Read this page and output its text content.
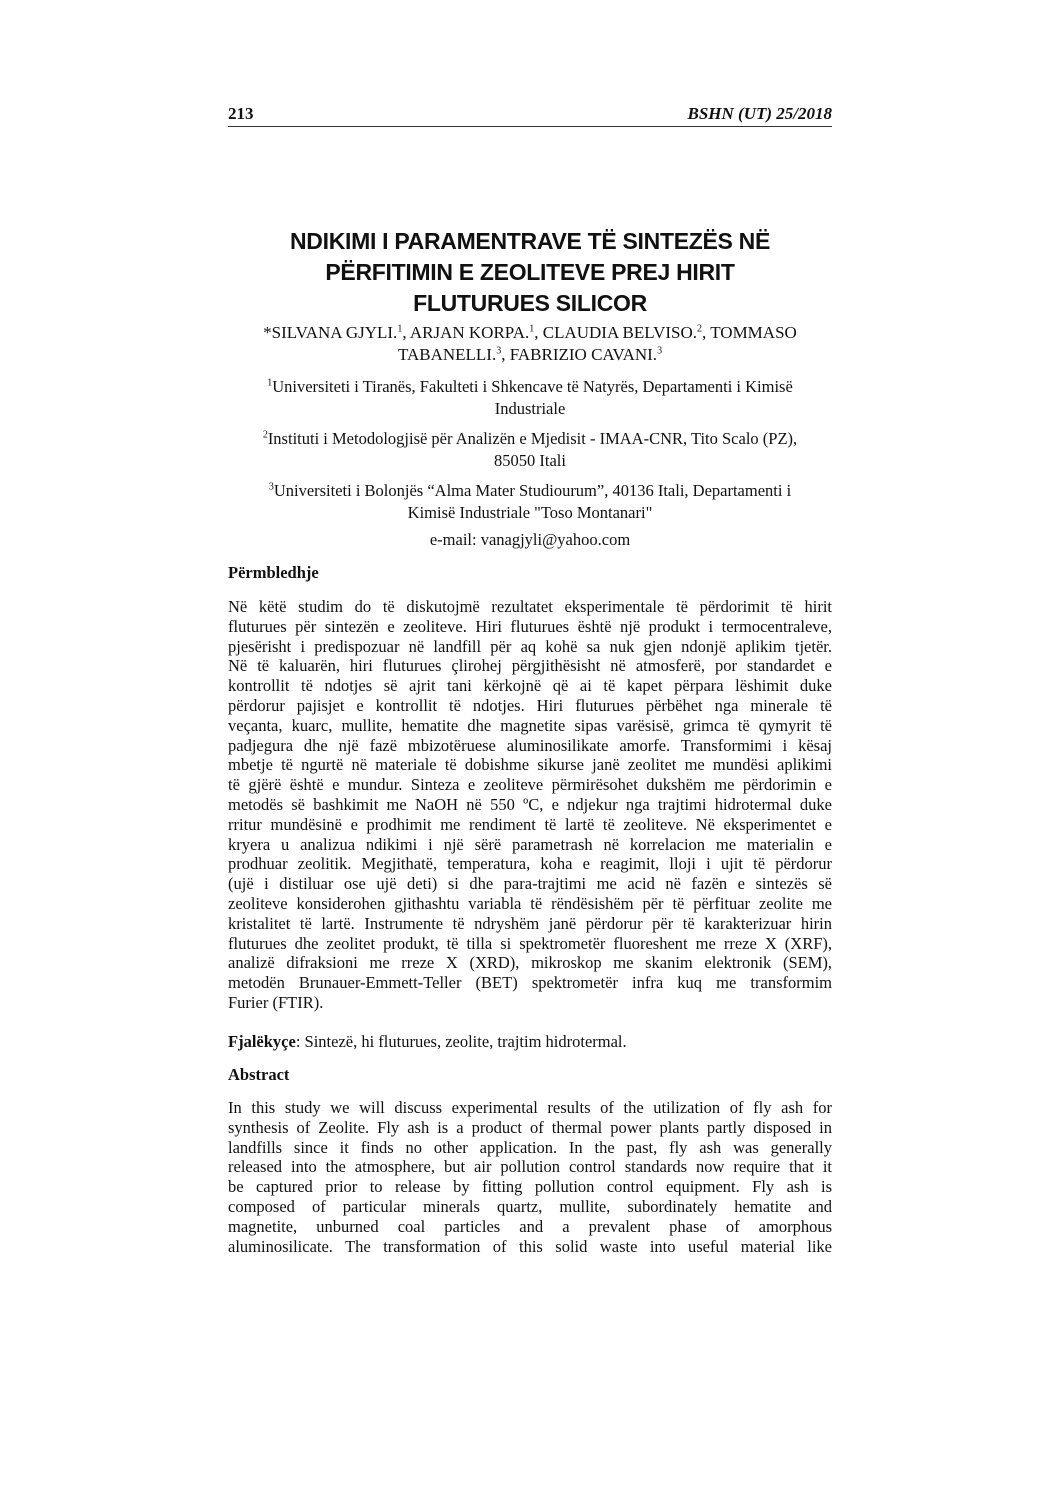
213	BSHN (UT) 25/2018
NDIKIMI I PARAMENTRAVE TË SINTEZËS NË
PËRFITIMIN E ZEOLITEVE PREJ HIRIT
FLUTURUES SILICOR
*SILVANA GJYLI.$^1$, ARJAN KORPA.$^1$, CLAUDIA BELVISO.$^2$, TOMMASO
TABANELLI.$^3$, FABRIZIO CAVANI.$^3$
$^1$Universiteti i Tiranës, Fakulteti i Shkencave të Natyrës, Departamenti i Kimisë
Industriale
$^2$Instituti i Metodologjisë për Analizën e Mjedisit - IMAA-CNR, Tito Scalo (PZ),
85050 Itali
$^3$Universiteti i Bolonjës “Alma Mater Studiourum”, 40136 Itali, Departamenti i
Kimisë Industriale "Toso Montanari"
e-mail: vanagjyli@yahoo.com
Përmbledhje
Në këtë studim do të diskutojmë rezultatet eksperimentale të përdorimit të hirit
fluturues për sintezën e zeoliteve. Hiri fluturues është një produkt i termocentraleve,
pjesërisht i predispozuar në landfill për aq kohë sa nuk gjen ndonjë aplikim tjetër.
Në të kaluarën, hiri fluturues çlirohej përgjithësisht në atmosferë, por standardet e
kontrollit të ndotjes së ajrit tani kërkojnë që ai të kapet përpara lëshimit duke
përdorur pajisjet e kontrollit të ndotjes. Hiri fluturues përbëhet nga minerale të
veçanta, kuarc, mullite, hematite dhe magnetite sipas varësisë, grimca të qymyrit të
padjegura dhe një fazë mbizotëruese aluminosilikate amorfe. Transformimi i kësaj
mbetje të ngurtë në materiale të dobishme sikurse janë zeolitet me mundësi aplikimi
të gjërë është e mundur. Sinteza e zeoliteve përmirësohet dukshëm me përdorimin e
metodës së bashkimit me NaOH në 550 ºC, e ndjekur nga trajtimi hidrotermal duke
rritur mundësinë e prodhimit me rendiment të lartë të zeoliteve. Në eksperimentet e
kryera u analizua ndikimi i një sërë parametrash në korrelacion me materialin e
prodhuar zeolitik. Megjithatë, temperatura, koha e reagimit, lloji i ujit të përdorur
(ujë i distiluar ose ujë deti) si dhe para-trajtimi me acid në fazën e sintezës së
zeoliteve konsiderohen gjithashtu variabla të rëndësishëm për të përfituar zeolite me
kristalitet të lartë. Instrumente të ndryshëm janë përdorur për të karakterizuar hirin
fluturues dhe zeolitet produkt, të tilla si spektrometër fluoreshent me rreze X (XRF),
analizë difraksioni me rreze X (XRD), mikroskop me skanim elektronik (SEM),
metodën Brunauer-Emmett-Teller (BET) spektrometër infra kuq me transformim
Furier (FTIR).
Fjalëkyçe: Sintezë, hi fluturues, zeolite, trajtim hidrotermal.
Abstract
In this study we will discuss experimental results of the utilization of fly ash for
synthesis of Zeolite. Fly ash is a product of thermal power plants partly disposed in
landfills since it finds no other application. In the past, fly ash was generally
released into the atmosphere, but air pollution control standards now require that it
be captured prior to release by fitting pollution control equipment. Fly ash is
composed of particular minerals quartz, mullite, subordinately hematite and
magnetite, unburned coal particles and a prevalent phase of amorphous
aluminosilicate. The transformation of this solid waste into useful material like
